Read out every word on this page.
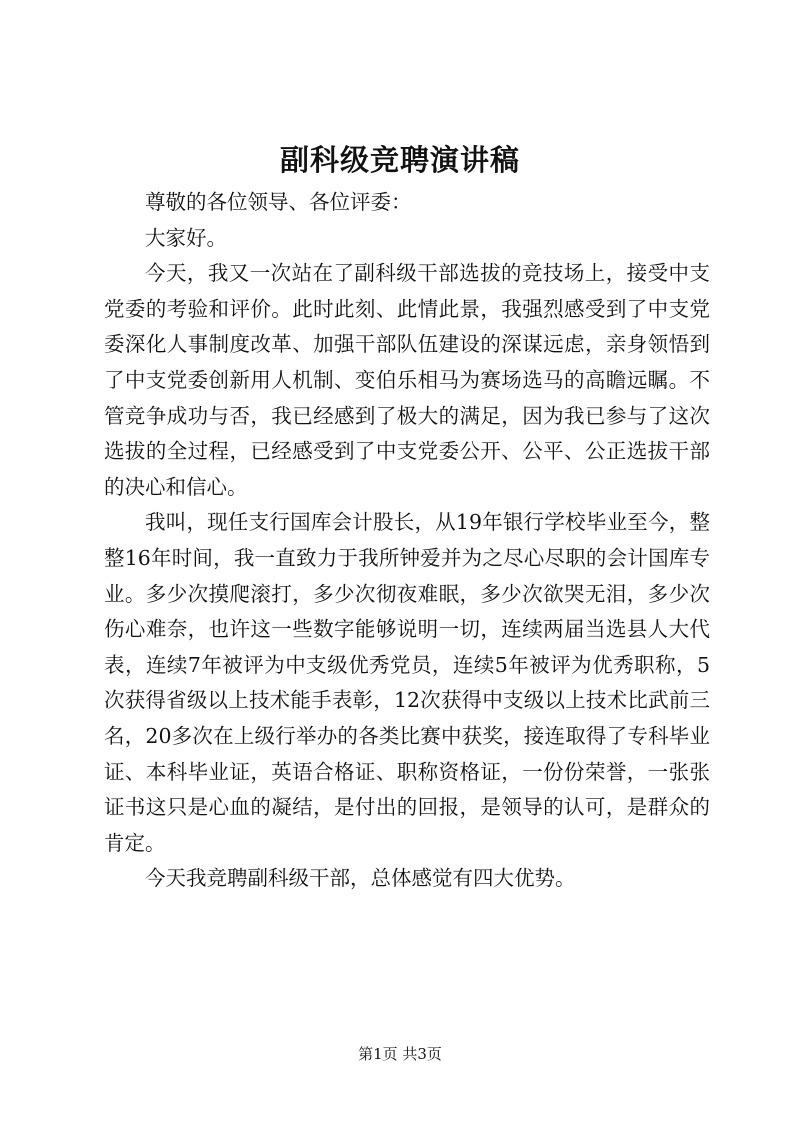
副科级竞聘演讲稿

尊敬的各位领导、各位评委：

大家好。

今天，我又一次站在了副科级干部选拔的竞技场上，接受中支党委的考验和评价。此时此刻、此情此景，我强烈感受到了中支党委深化人事制度改革、加强干部队伍建设的深谋远虑，亲身领悟到了中支党委创新用人机制、变伯乐相马为赛场选马的高瞻远瞩。不管竞争成功与否，我已经感到了极大的满足，因为我已参与了这次选拔的全过程，已经感受到了中支党委公开、公平、公正选拔干部的决心和信心。

我叫，现任支行国库会计股长，从19年银行学校毕业至今，整整16年时间，我一直致力于我所钟爱并为之尽心尽职的会计国库专业。多少次摸爬滚打，多少次彻夜难眠，多少次欲哭无泪，多少次伤心难奈，也许这一些数字能够说明一切，连续两届当选县人大代表，连续7年被评为中支级优秀党员，连续5年被评为优秀职称，5次获得省级以上技术能手表彰，12次获得中支级以上技术比武前三名，20多次在上级行举办的各类比赛中获奖，接连取得了专科毕业证、本科毕业证，英语合格证、职称资格证，一份份荣誉，一张张证书这只是心血的凝结，是付出的回报，是领导的认可，是群众的肯定。

今天我竞聘副科级干部，总体感觉有四大优势。

第1页 共3页
